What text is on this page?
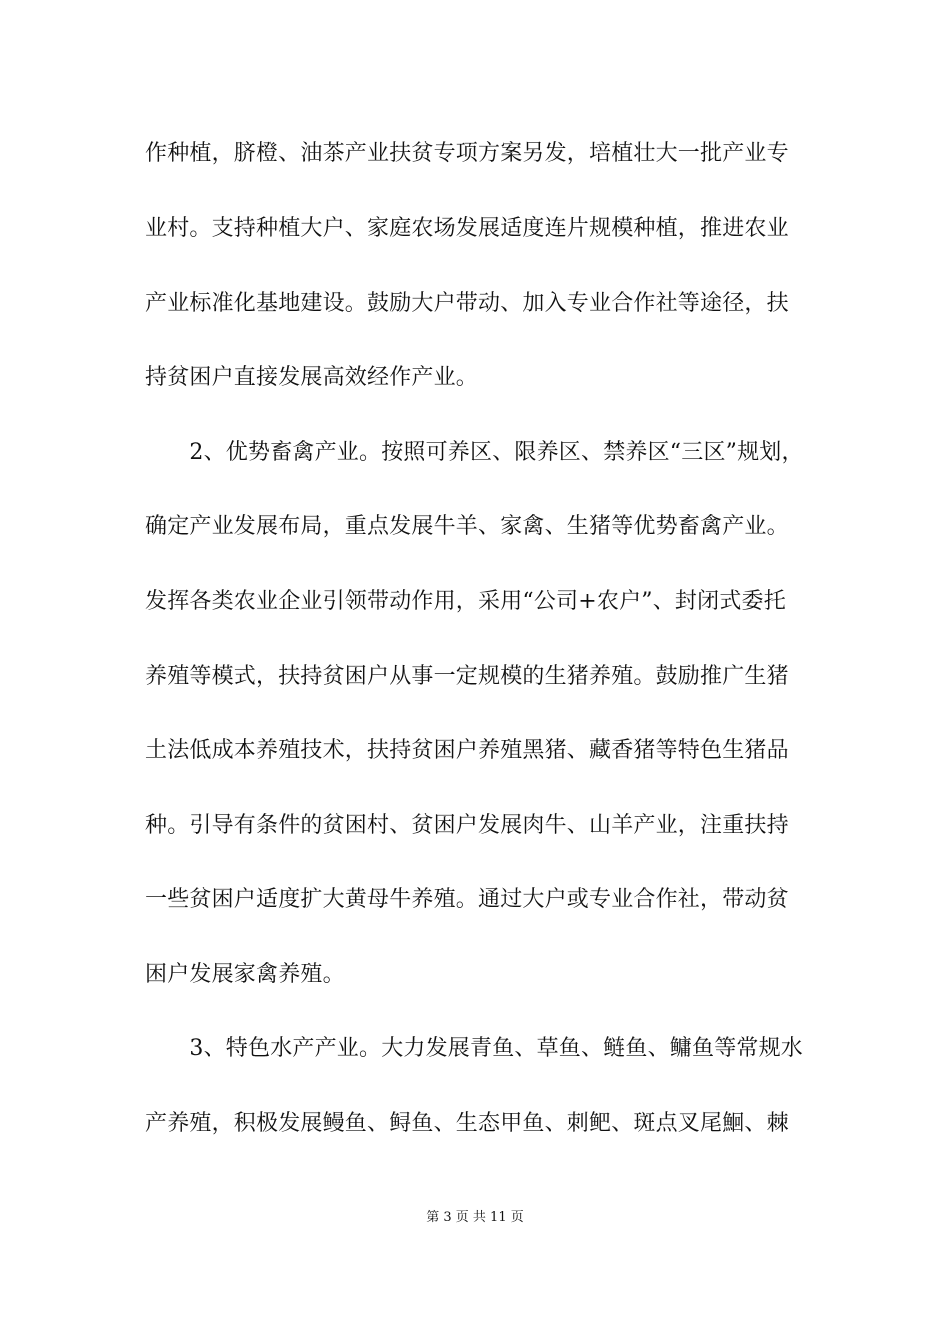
作种植，脐橙、油茶产业扶贫专项方案另发，培植壮大一批产业专
业村。支持种植大户、家庭农场发展适度连片规模种植，推进农业
产业标准化基地建设。鼓励大户带动、加入专业合作社等途径，扶
持贫困户直接发展高效经作产业。
　　2、优势畜禽产业。按照可养区、限养区、禁养区“三区”规划，
确定产业发展布局，重点发展牛羊、家禽、生猪等优势畜禽产业。
发挥各类农业企业引领带动作用，采用“公司+农户”、封闭式委托
养殖等模式，扶持贫困户从事一定规模的生猪养殖。鼓励推广生猪
土法低成本养殖技术，扶持贫困户养殖黑猪、藏香猪等特色生猪品
种。引导有条件的贫困村、贫困户发展肉牛、山羊产业，注重扶持
一些贫困户适度扩大黄母牛养殖。通过大户或专业合作社，带动贫
困户发展家禽养殖。
　　3、特色水产产业。大力发展青鱼、草鱼、鲢鱼、鳙鱼等常规水
产养殖，积极发展鳗鱼、鲟鱼、生态甲鱼、刺鲃、斑点叉尾鮰、棘
第 3 页 共 11 页
